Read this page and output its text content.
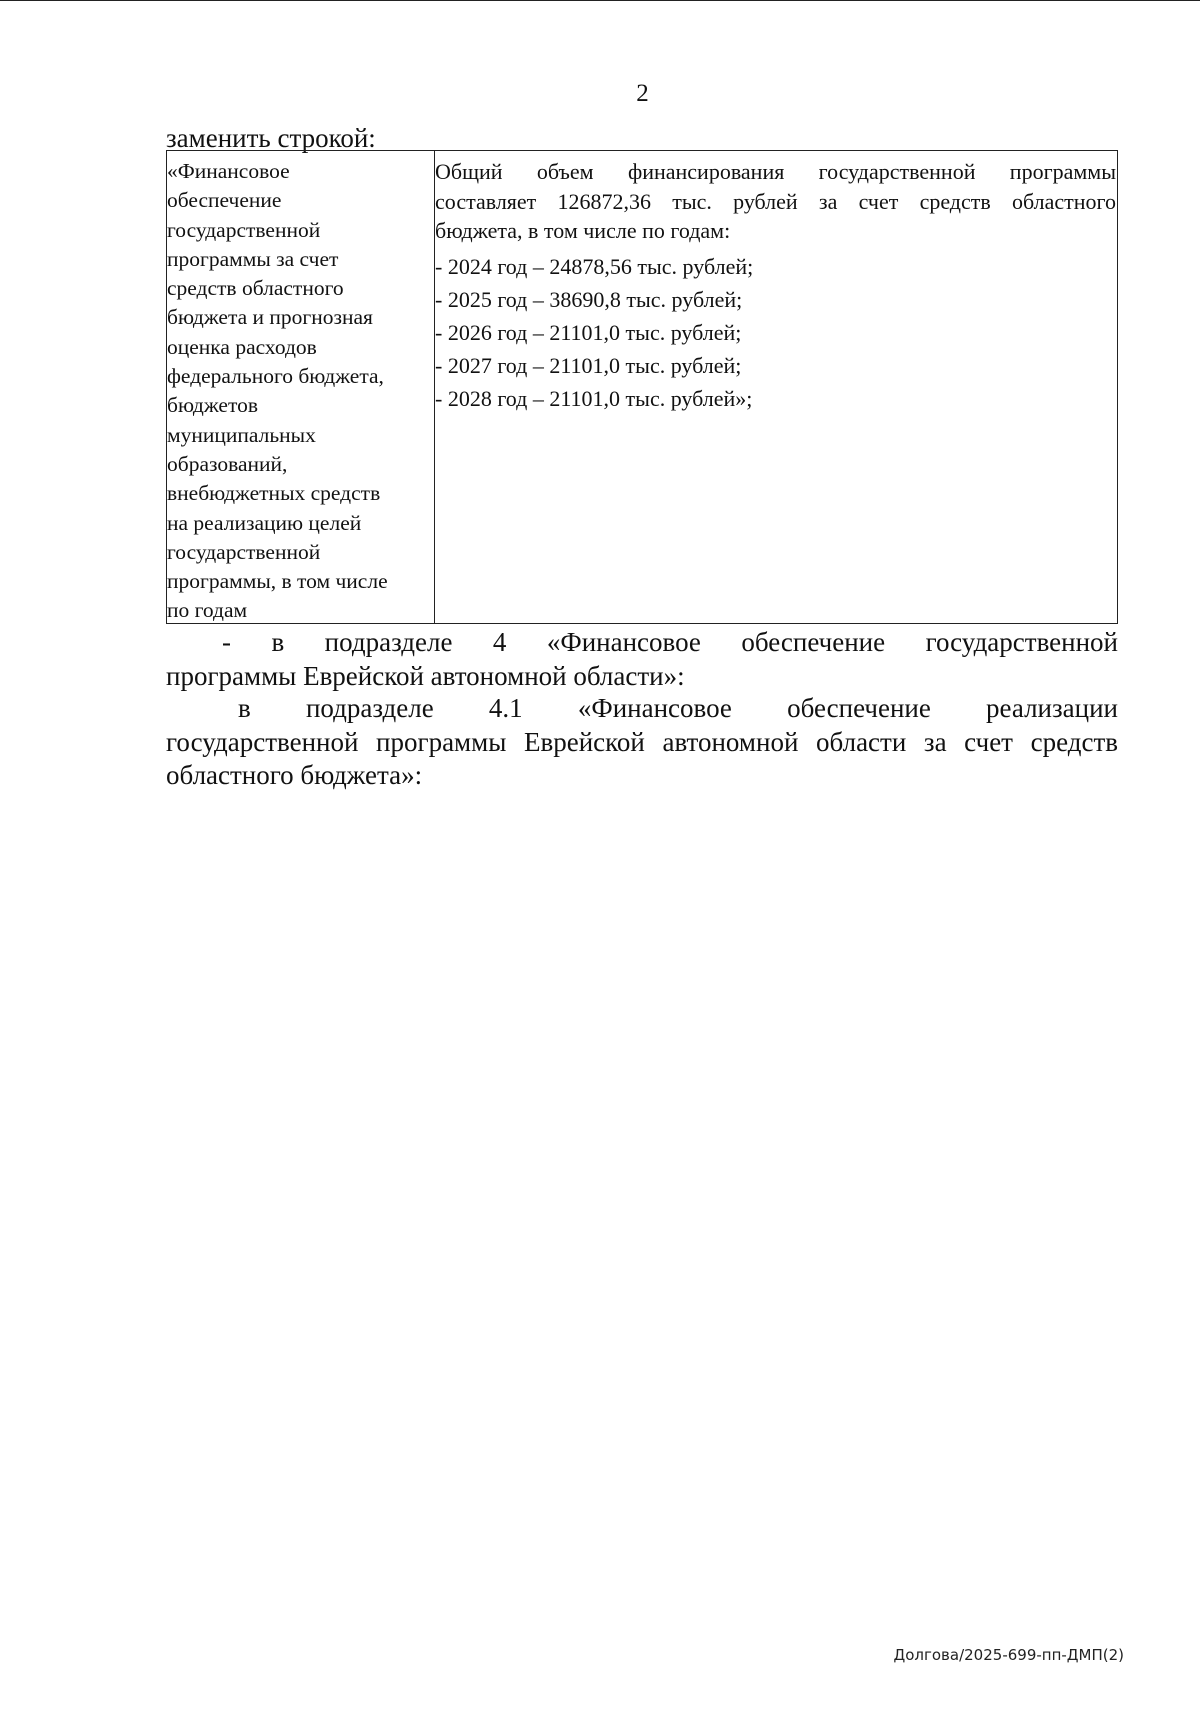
2
заменить строкой:
«Финансовое
обеспечение
государственной
программы за счет
средств областного
бюджета и прогнозная
оценка расходов
федерального бюджета,
бюджетов
муниципальных
образований,
внебюджетных средств
на реализацию целей
государственной
программы, в том числе
по годам
Общий объем финансирования государственной программы
составляет 126872,36 тыс. рублей за счет средств областного
бюджета, в том числе по годам:
- 2024 год – 24878,56 тыс. рублей;
- 2025 год – 38690,8 тыс. рублей;
- 2026 год – 21101,0 тыс. рублей;
- 2027 год – 21101,0 тыс. рублей;
- 2028 год – 21101,0 тыс. рублей»;
- в подразделе 4 «Финансовое обеспечение государственной
программы Еврейской автономной области»:
в подразделе 4.1 «Финансовое обеспечение реализации
государственной программы Еврейской автономной области за счет средств
областного бюджета»:
Долгова/2025-699-пп-ДМП(2)
